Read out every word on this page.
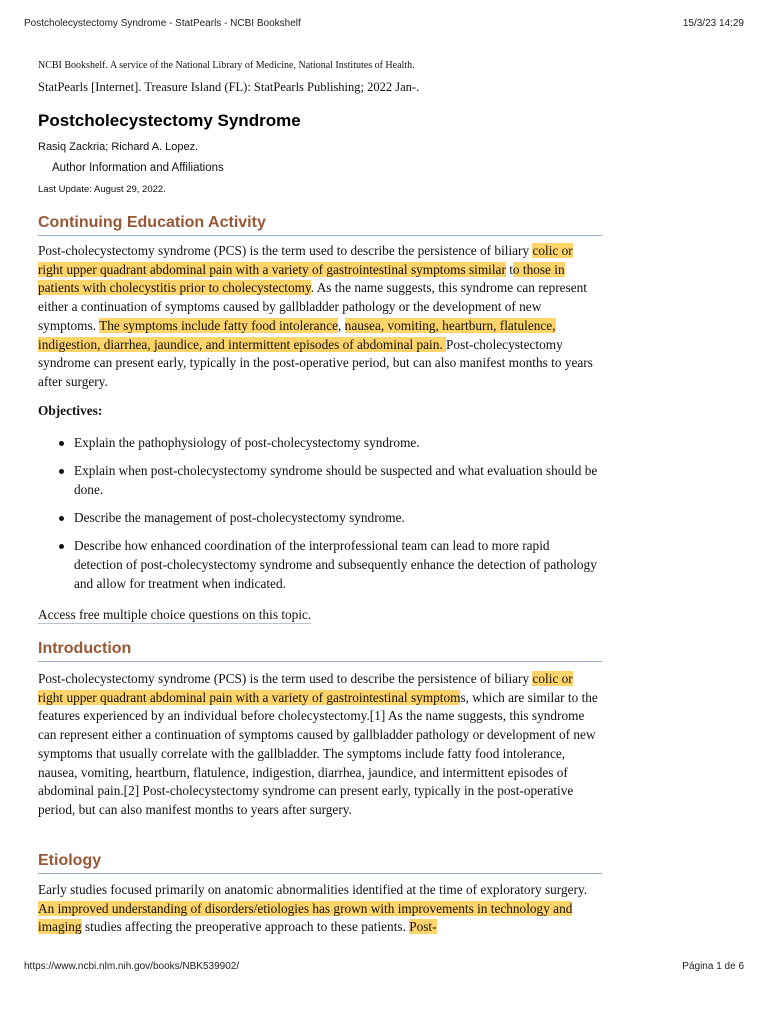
Postcholecystectomy Syndrome - StatPearls - NCBI Bookshelf	15/3/23 14:29
NCBI Bookshelf. A service of the National Library of Medicine, National Institutes of Health.
StatPearls [Internet]. Treasure Island (FL): StatPearls Publishing; 2022 Jan-.
Postcholecystectomy Syndrome
Rasiq Zackria; Richard A. Lopez.
Author Information and Affiliations
Last Update: August 29, 2022.
Continuing Education Activity

Post-cholecystectomy syndrome (PCS) is the term used to describe the persistence of biliary colic or right upper quadrant abdominal pain with a variety of gastrointestinal symptoms similar to those in patients with cholecystitis prior to cholecystectomy. As the name suggests, this syndrome can represent either a continuation of symptoms caused by gallbladder pathology or the development of new symptoms. The symptoms include fatty food intolerance, nausea, vomiting, heartburn, flatulence, indigestion, diarrhea, jaundice, and intermittent episodes of abdominal pain. Post-cholecystectomy syndrome can present early, typically in the post-operative period, but can also manifest months to years after surgery.

Objectives:
Explain the pathophysiology of post-cholecystectomy syndrome.
Explain when post-cholecystectomy syndrome should be suspected and what evaluation should be done.
Describe the management of post-cholecystectomy syndrome.
Describe how enhanced coordination of the interprofessional team can lead to more rapid detection of post-cholecystectomy syndrome and subsequently enhance the detection of pathology and allow for treatment when indicated.
Access free multiple choice questions on this topic.
Introduction

Post-cholecystectomy syndrome (PCS) is the term used to describe the persistence of biliary colic or right upper quadrant abdominal pain with a variety of gastrointestinal symptoms, which are similar to the features experienced by an individual before cholecystectomy.[1] As the name suggests, this syndrome can represent either a continuation of symptoms caused by gallbladder pathology or development of new symptoms that usually correlate with the gallbladder. The symptoms include fatty food intolerance, nausea, vomiting, heartburn, flatulence, indigestion, diarrhea, jaundice, and intermittent episodes of abdominal pain.[2] Post-cholecystectomy syndrome can present early, typically in the post-operative period, but can also manifest months to years after surgery.

Etiology

Early studies focused primarily on anatomic abnormalities identified at the time of exploratory surgery. An improved understanding of disorders/etiologies has grown with improvements in technology and imaging studies affecting the preoperative approach to these patients. Post-

https://www.ncbi.nlm.nih.gov/books/NBK539902/	Página 1 de 6
